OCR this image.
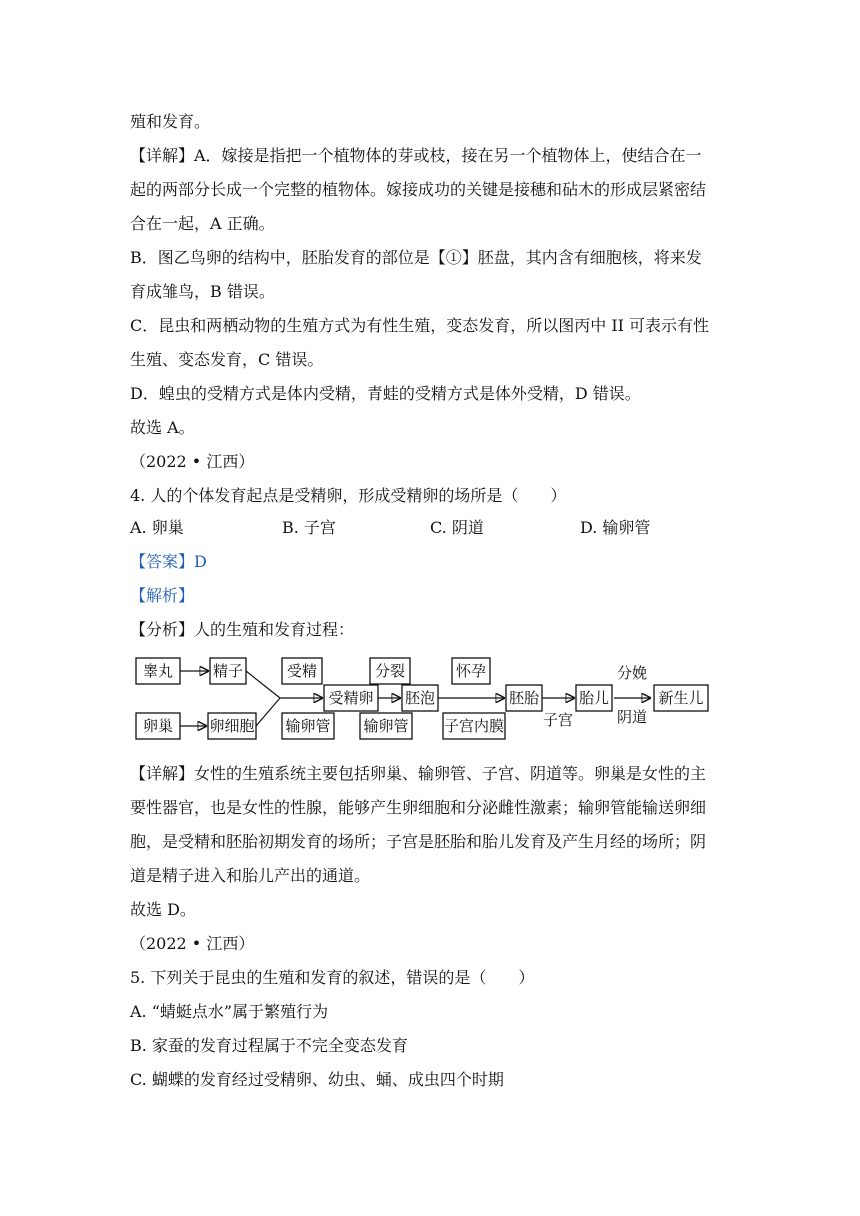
殖和发育。
【详解】A．嫁接是指把一个植物体的芽或枝，接在另一个植物体上，使结合在一
起的两部分长成一个完整的植物体。嫁接成功的关键是接穗和砧木的形成层紧密结
合在一起，A 正确。
B．图乙鸟卵的结构中，胚胎发育的部位是【①】胚盘，其内含有细胞核，将来发
育成雏鸟，B 错误。
C．昆虫和两栖动物的生殖方式为有性生殖，变态发育，所以图丙中 II 可表示有性
生殖、变态发育，C 错误。
D．蝗虫的受精方式是体内受精，青蛙的受精方式是体外受精，D 错误。
故选 A。
（2022 • 江西）
4. 人的个体发育起点是受精卵，形成受精卵的场所是（　　）
A. 卵巢	B. 子宫	C. 阴道	D. 输卵管
【答案】D
【解析】
【分析】人的生殖和发育过程：
睾丸	精子
卵巢 卵细胞
受精
输卵管
受精卵
分裂
输卵管
胚泡
怀孕
子宫内膜
胚胎
子宫
胎儿
分娩
阴道
新生儿
【详解】女性的生殖系统主要包括卵巢、输卵管、子宫、阴道等。卵巢是女性的主
要性器官，也是女性的性腺，能够产生卵细胞和分泌雌性激素；输卵管能输送卵细
胞，是受精和胚胎初期发育的场所；子宫是胚胎和胎儿发育及产生月经的场所；阴
道是精子进入和胎儿产出的通道。
故选 D。
（2022 • 江西）
5. 下列关于昆虫的生殖和发育的叙述，错误的是（　　）
A. “蜻蜓点水”属于繁殖行为
B. 家蚕的发育过程属于不完全变态发育
C. 蝴蝶的发育经过受精卵、幼虫、蛹、成虫四个时期
